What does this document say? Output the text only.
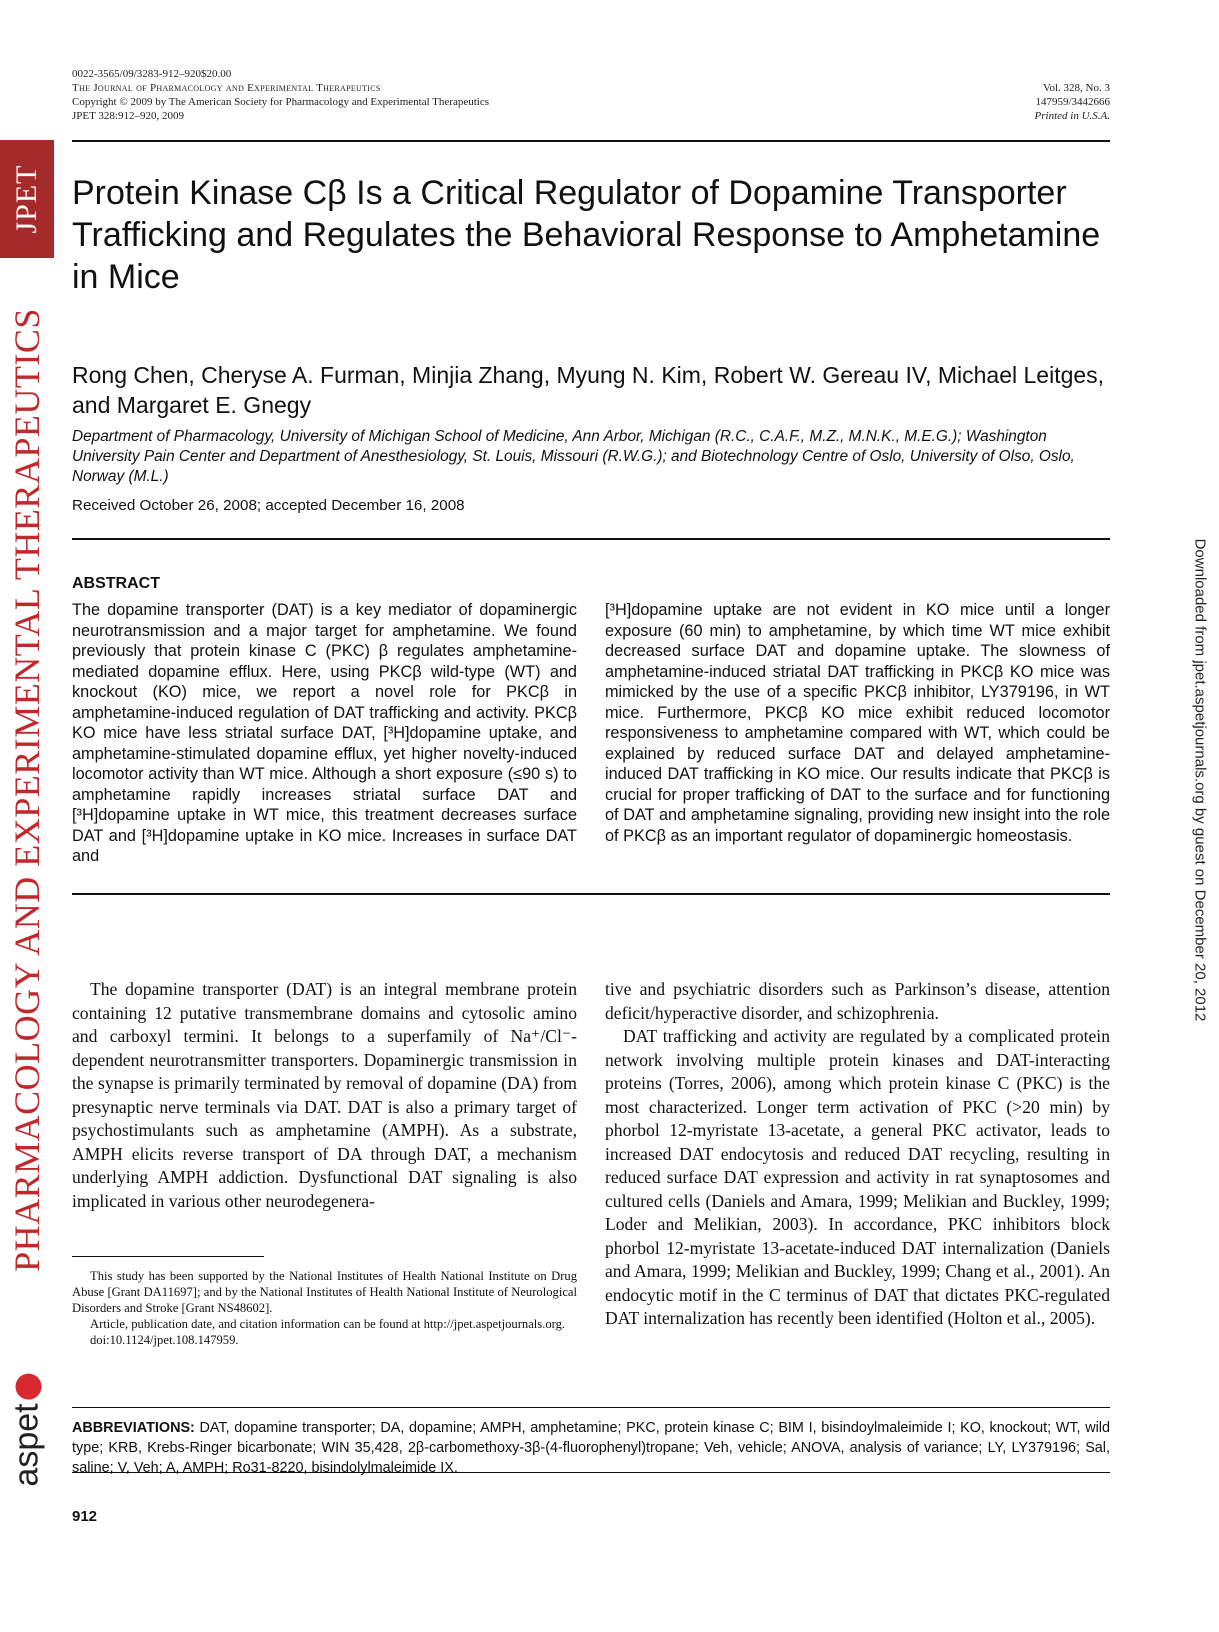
JPET
PHARMACOLOGY AND EXPERIMENTAL THERAPEUTICS
aspet
Downloaded from jpet.aspetjournals.org by guest on December 20, 2012
0022-3565/09/3283-912–920$20.00
The Journal of Pharmacology and Experimental Therapeutics
Copyright © 2009 by The American Society for Pharmacology and Experimental Therapeutics
JPET 328:912–920, 2009
Vol. 328, No. 3
147959/3442666
Printed in U.S.A.
Protein Kinase Cβ Is a Critical Regulator of Dopamine Transporter Trafficking and Regulates the Behavioral Response to Amphetamine in Mice
Rong Chen, Cheryse A. Furman, Minjia Zhang, Myung N. Kim, Robert W. Gereau IV, Michael Leitges, and Margaret E. Gnegy
Department of Pharmacology, University of Michigan School of Medicine, Ann Arbor, Michigan (R.C., C.A.F., M.Z., M.N.K., M.E.G.); Washington University Pain Center and Department of Anesthesiology, St. Louis, Missouri (R.W.G.); and Biotechnology Centre of Oslo, University of Olso, Oslo, Norway (M.L.)
Received October 26, 2008; accepted December 16, 2008
ABSTRACT
The dopamine transporter (DAT) is a key mediator of dopaminergic neurotransmission and a major target for amphetamine. We found previously that protein kinase C (PKC) β regulates amphetamine-mediated dopamine efflux. Here, using PKCβ wild-type (WT) and knockout (KO) mice, we report a novel role for PKCβ in amphetamine-induced regulation of DAT trafficking and activity. PKCβ KO mice have less striatal surface DAT, [³H]dopamine uptake, and amphetamine-stimulated dopamine efflux, yet higher novelty-induced locomotor activity than WT mice. Although a short exposure (≤90 s) to amphetamine rapidly increases striatal surface DAT and [³H]dopamine uptake in WT mice, this treatment decreases surface DAT and [³H]dopamine uptake in KO mice. Increases in surface DAT and
[³H]dopamine uptake are not evident in KO mice until a longer exposure (60 min) to amphetamine, by which time WT mice exhibit decreased surface DAT and dopamine uptake. The slowness of amphetamine-induced striatal DAT trafficking in PKCβ KO mice was mimicked by the use of a specific PKCβ inhibitor, LY379196, in WT mice. Furthermore, PKCβ KO mice exhibit reduced locomotor responsiveness to amphetamine compared with WT, which could be explained by reduced surface DAT and delayed amphetamine-induced DAT trafficking in KO mice. Our results indicate that PKCβ is crucial for proper trafficking of DAT to the surface and for functioning of DAT and amphetamine signaling, providing new insight into the role of PKCβ as an important regulator of dopaminergic homeostasis.

The dopamine transporter (DAT) is an integral membrane protein containing 12 putative transmembrane domains and cytosolic amino and carboxyl termini. It belongs to a superfamily of Na⁺/Cl⁻-dependent neurotransmitter transporters. Dopaminergic transmission in the synapse is primarily terminated by removal of dopamine (DA) from presynaptic nerve terminals via DAT. DAT is also a primary target of psychostimulants such as amphetamine (AMPH). As a substrate, AMPH elicits reverse transport of DA through DAT, a mechanism underlying AMPH addiction. Dysfunctional DAT signaling is also implicated in various other neurodegenera-

tive and psychiatric disorders such as Parkinson’s disease, attention deficit/hyperactive disorder, and schizophrenia.

DAT trafficking and activity are regulated by a complicated protein network involving multiple protein kinases and DAT-interacting proteins (Torres, 2006), among which protein kinase C (PKC) is the most characterized. Longer term activation of PKC (>20 min) by phorbol 12-myristate 13-acetate, a general PKC activator, leads to increased DAT endocytosis and reduced DAT recycling, resulting in reduced surface DAT expression and activity in rat synaptosomes and cultured cells (Daniels and Amara, 1999; Melikian and Buckley, 1999; Loder and Melikian, 2003). In accordance, PKC inhibitors block phorbol 12-myristate 13-acetate-induced DAT internalization (Daniels and Amara, 1999; Melikian and Buckley, 1999; Chang et al., 2001). An endocytic motif in the C terminus of DAT that dictates PKC-regulated DAT internalization has recently been identified (Holton et al., 2005).

This study has been supported by the National Institutes of Health National Institute on Drug Abuse [Grant DA11697]; and by the National Institutes of Health National Institute of Neurological Disorders and Stroke [Grant NS48602].

Article, publication date, and citation information can be found at http://jpet.aspetjournals.org.

doi:10.1124/jpet.108.147959.

ABBREVIATIONS: DAT, dopamine transporter; DA, dopamine; AMPH, amphetamine; PKC, protein kinase C; BIM I, bisindoylmaleimide I; KO, knockout; WT, wild type; KRB, Krebs-Ringer bicarbonate; WIN 35,428, 2β-carbomethoxy-3β-(4-fluorophenyl)tropane; Veh, vehicle; ANOVA, analysis of variance; LY, LY379196; Sal, saline; V, Veh; A, AMPH; Ro31-8220, bisindolylmaleimide IX.
912
